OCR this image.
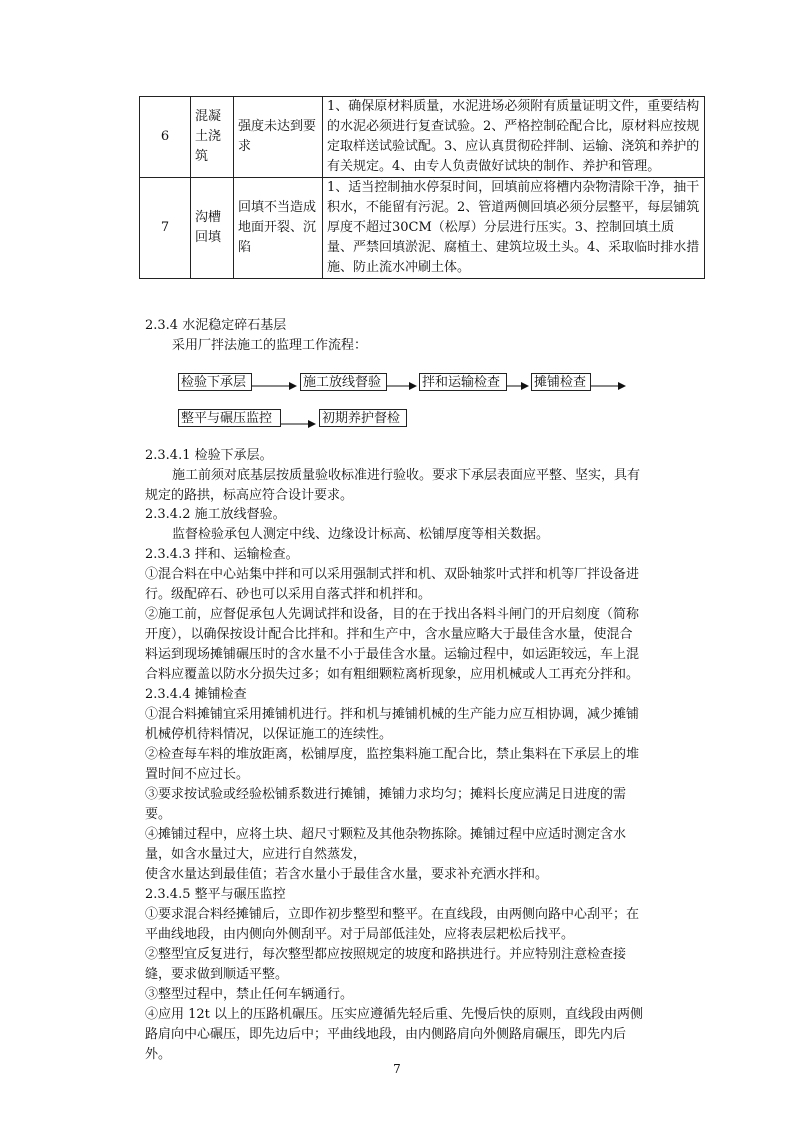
6	混凝土浇筑	强度未达到要求	1、确保原材料质量，水泥进场必须附有质量证明文件，重要结构的水泥必须进行复查试验。2、严格控制砼配合比，原材料应按规定取样送试验试配。3、应认真贯彻砼拌制、运输、浇筑和养护的有关规定。4、由专人负责做好试块的制作、养护和管理。
7	沟槽回填	回填不当造成地面开裂、沉陷	1、适当控制抽水停泵时间，回填前应将槽内杂物清除干净，抽干积水，不能留有污泥。2、管道两侧回填必须分层整平，每层铺筑厚度不超过30CM（松厚）分层进行压实。3、控制回填土质量、严禁回填淤泥、腐植土、建筑垃圾土头。4、采取临时排水措施、防止流水冲刷土体。
2.3.4 水泥稳定碎石基层
采用厂拌法施工的监理工作流程：
检验下承层	施工放线督验	拌和运输检查	摊铺检查
整平与碾压监控	初期养护督检
2.3.4.1 检验下承层。
施工前须对底基层按质量验收标准进行验收。要求下承层表面应平整、坚实，具有
规定的路拱，标高应符合设计要求。
2.3.4.2 施工放线督验。
监督检验承包人测定中线、边缘设计标高、松铺厚度等相关数据。
2.3.4.3 拌和、运输检查。
①混合料在中心站集中拌和可以采用强制式拌和机、双卧轴浆叶式拌和机等厂拌设备进
行。级配碎石、砂也可以采用自落式拌和机拌和。
②施工前，应督促承包人先调试拌和设备，目的在于找出各料斗闸门的开启刻度（简称
开度），以确保按设计配合比拌和。拌和生产中，含水量应略大于最佳含水量，使混合
料运到现场摊铺碾压时的含水量不小于最佳含水量。运输过程中，如运距较远，车上混
合料应覆盖以防水分损失过多；如有粗细颗粒离析现象，应用机械或人工再充分拌和。
2.3.4.4 摊铺检查
①混合料摊铺宜采用摊铺机进行。拌和机与摊铺机械的生产能力应互相协调，减少摊铺
机械停机待料情况，以保证施工的连续性。
②检查每车料的堆放距离，松铺厚度，监控集料施工配合比，禁止集料在下承层上的堆
置时间不应过长。
③要求按试验或经验松铺系数进行摊铺，摊铺力求均匀；摊料长度应满足日进度的需
要。
④摊铺过程中，应将土块、超尺寸颗粒及其他杂物拣除。摊铺过程中应适时测定含水
量，如含水量过大，应进行自然蒸发，
使含水量达到最佳值；若含水量小于最佳含水量，要求补充洒水拌和。
2.3.4.5 整平与碾压监控
①要求混合料经摊铺后，立即作初步整型和整平。在直线段，由两侧向路中心刮平；在
平曲线地段，由内侧向外侧刮平。对于局部低洼处，应将表层耙松后找平。
②整型宜反复进行，每次整型都应按照规定的坡度和路拱进行。并应特别注意检查接
缝，要求做到顺适平整。
③整型过程中，禁止任何车辆通行。
④应用 12t 以上的压路机碾压。压实应遵循先轻后重、先慢后快的原则，直线段由两侧
路肩向中心碾压，即先边后中；平曲线地段，由内侧路肩向外侧路肩碾压，即先内后
外。
7
